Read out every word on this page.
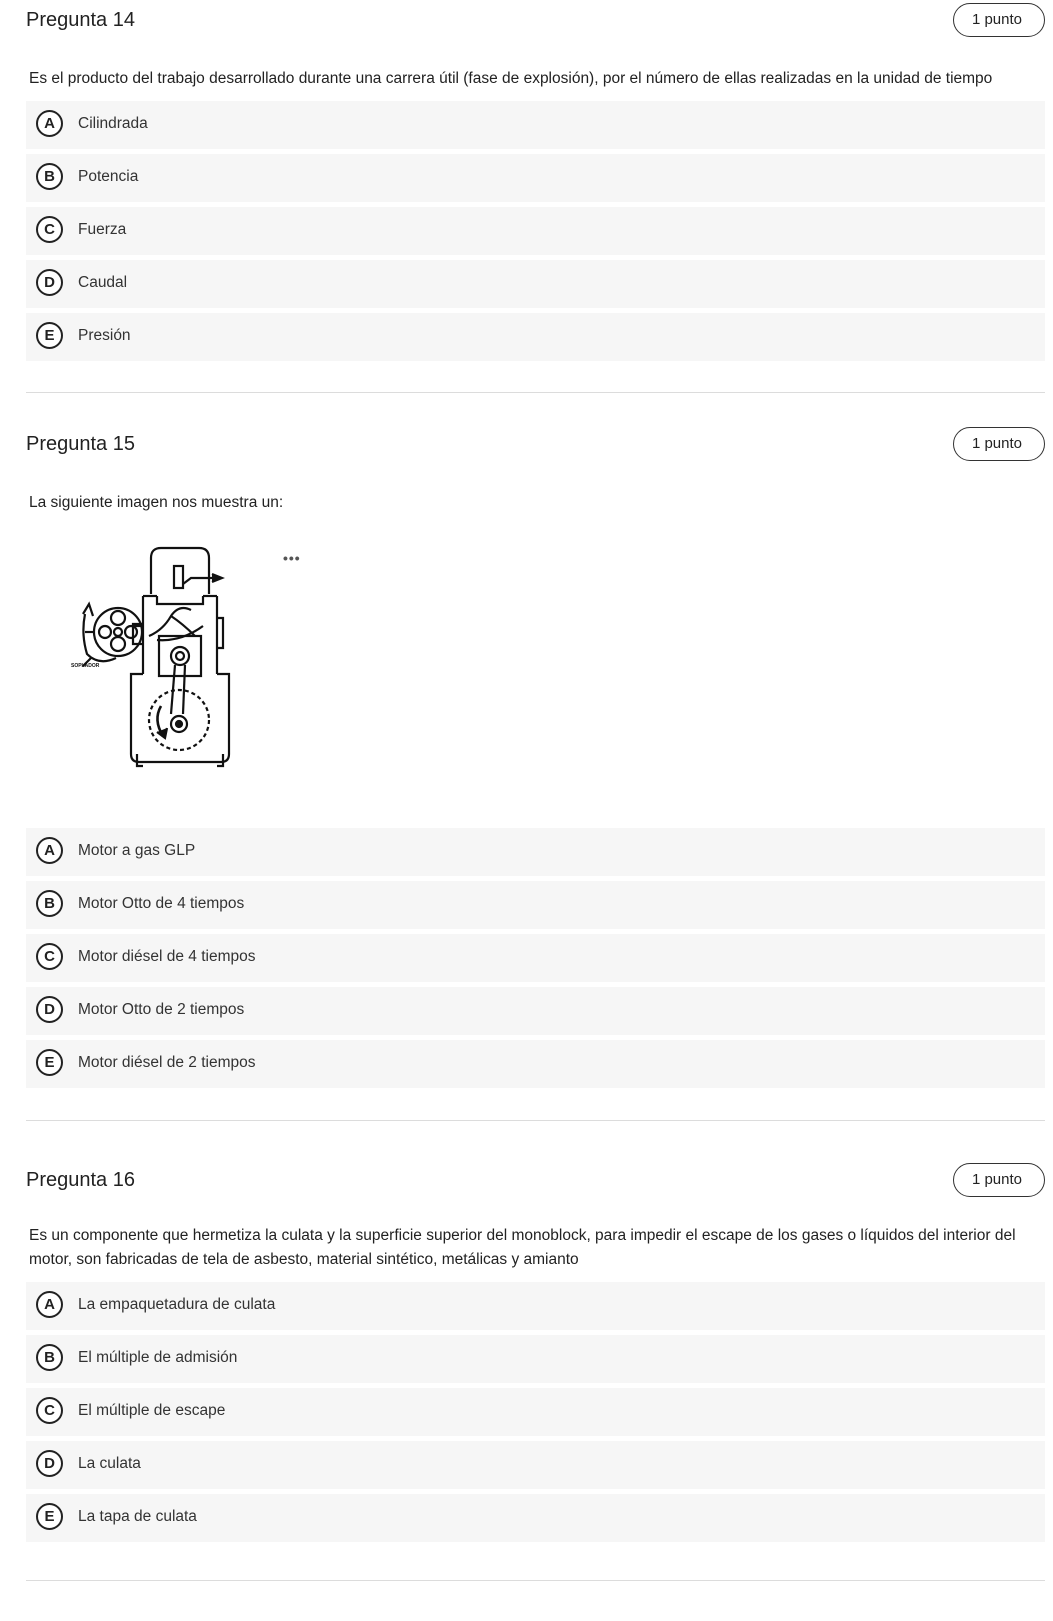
Pregunta 14	1 punto
Es el producto del trabajo desarrollado durante una carrera útil (fase de explosión), por el número de ellas realizadas en la unidad de tiempo
A	Cilindrada
B	Potencia
C	Fuerza
D	Caudal
E	Presión
Pregunta 15	1 punto
La siguiente imagen nos muestra un:
•••
SOPLADOR
A	Motor a gas GLP
B	Motor Otto de 4 tiempos
C	Motor diésel de 4 tiempos
D	Motor Otto de 2 tiempos
E	Motor diésel de 2 tiempos
Pregunta 16	1 punto
Es un componente que hermetiza la culata y la superficie superior del monoblock, para impedir el escape de los gases o líquidos del interior del motor, son fabricadas de tela de asbesto, material sintético, metálicas y amianto
A	La empaquetadura de culata
B	El múltiple de admisión
C	El múltiple de escape
D	La culata
E	La tapa de culata
